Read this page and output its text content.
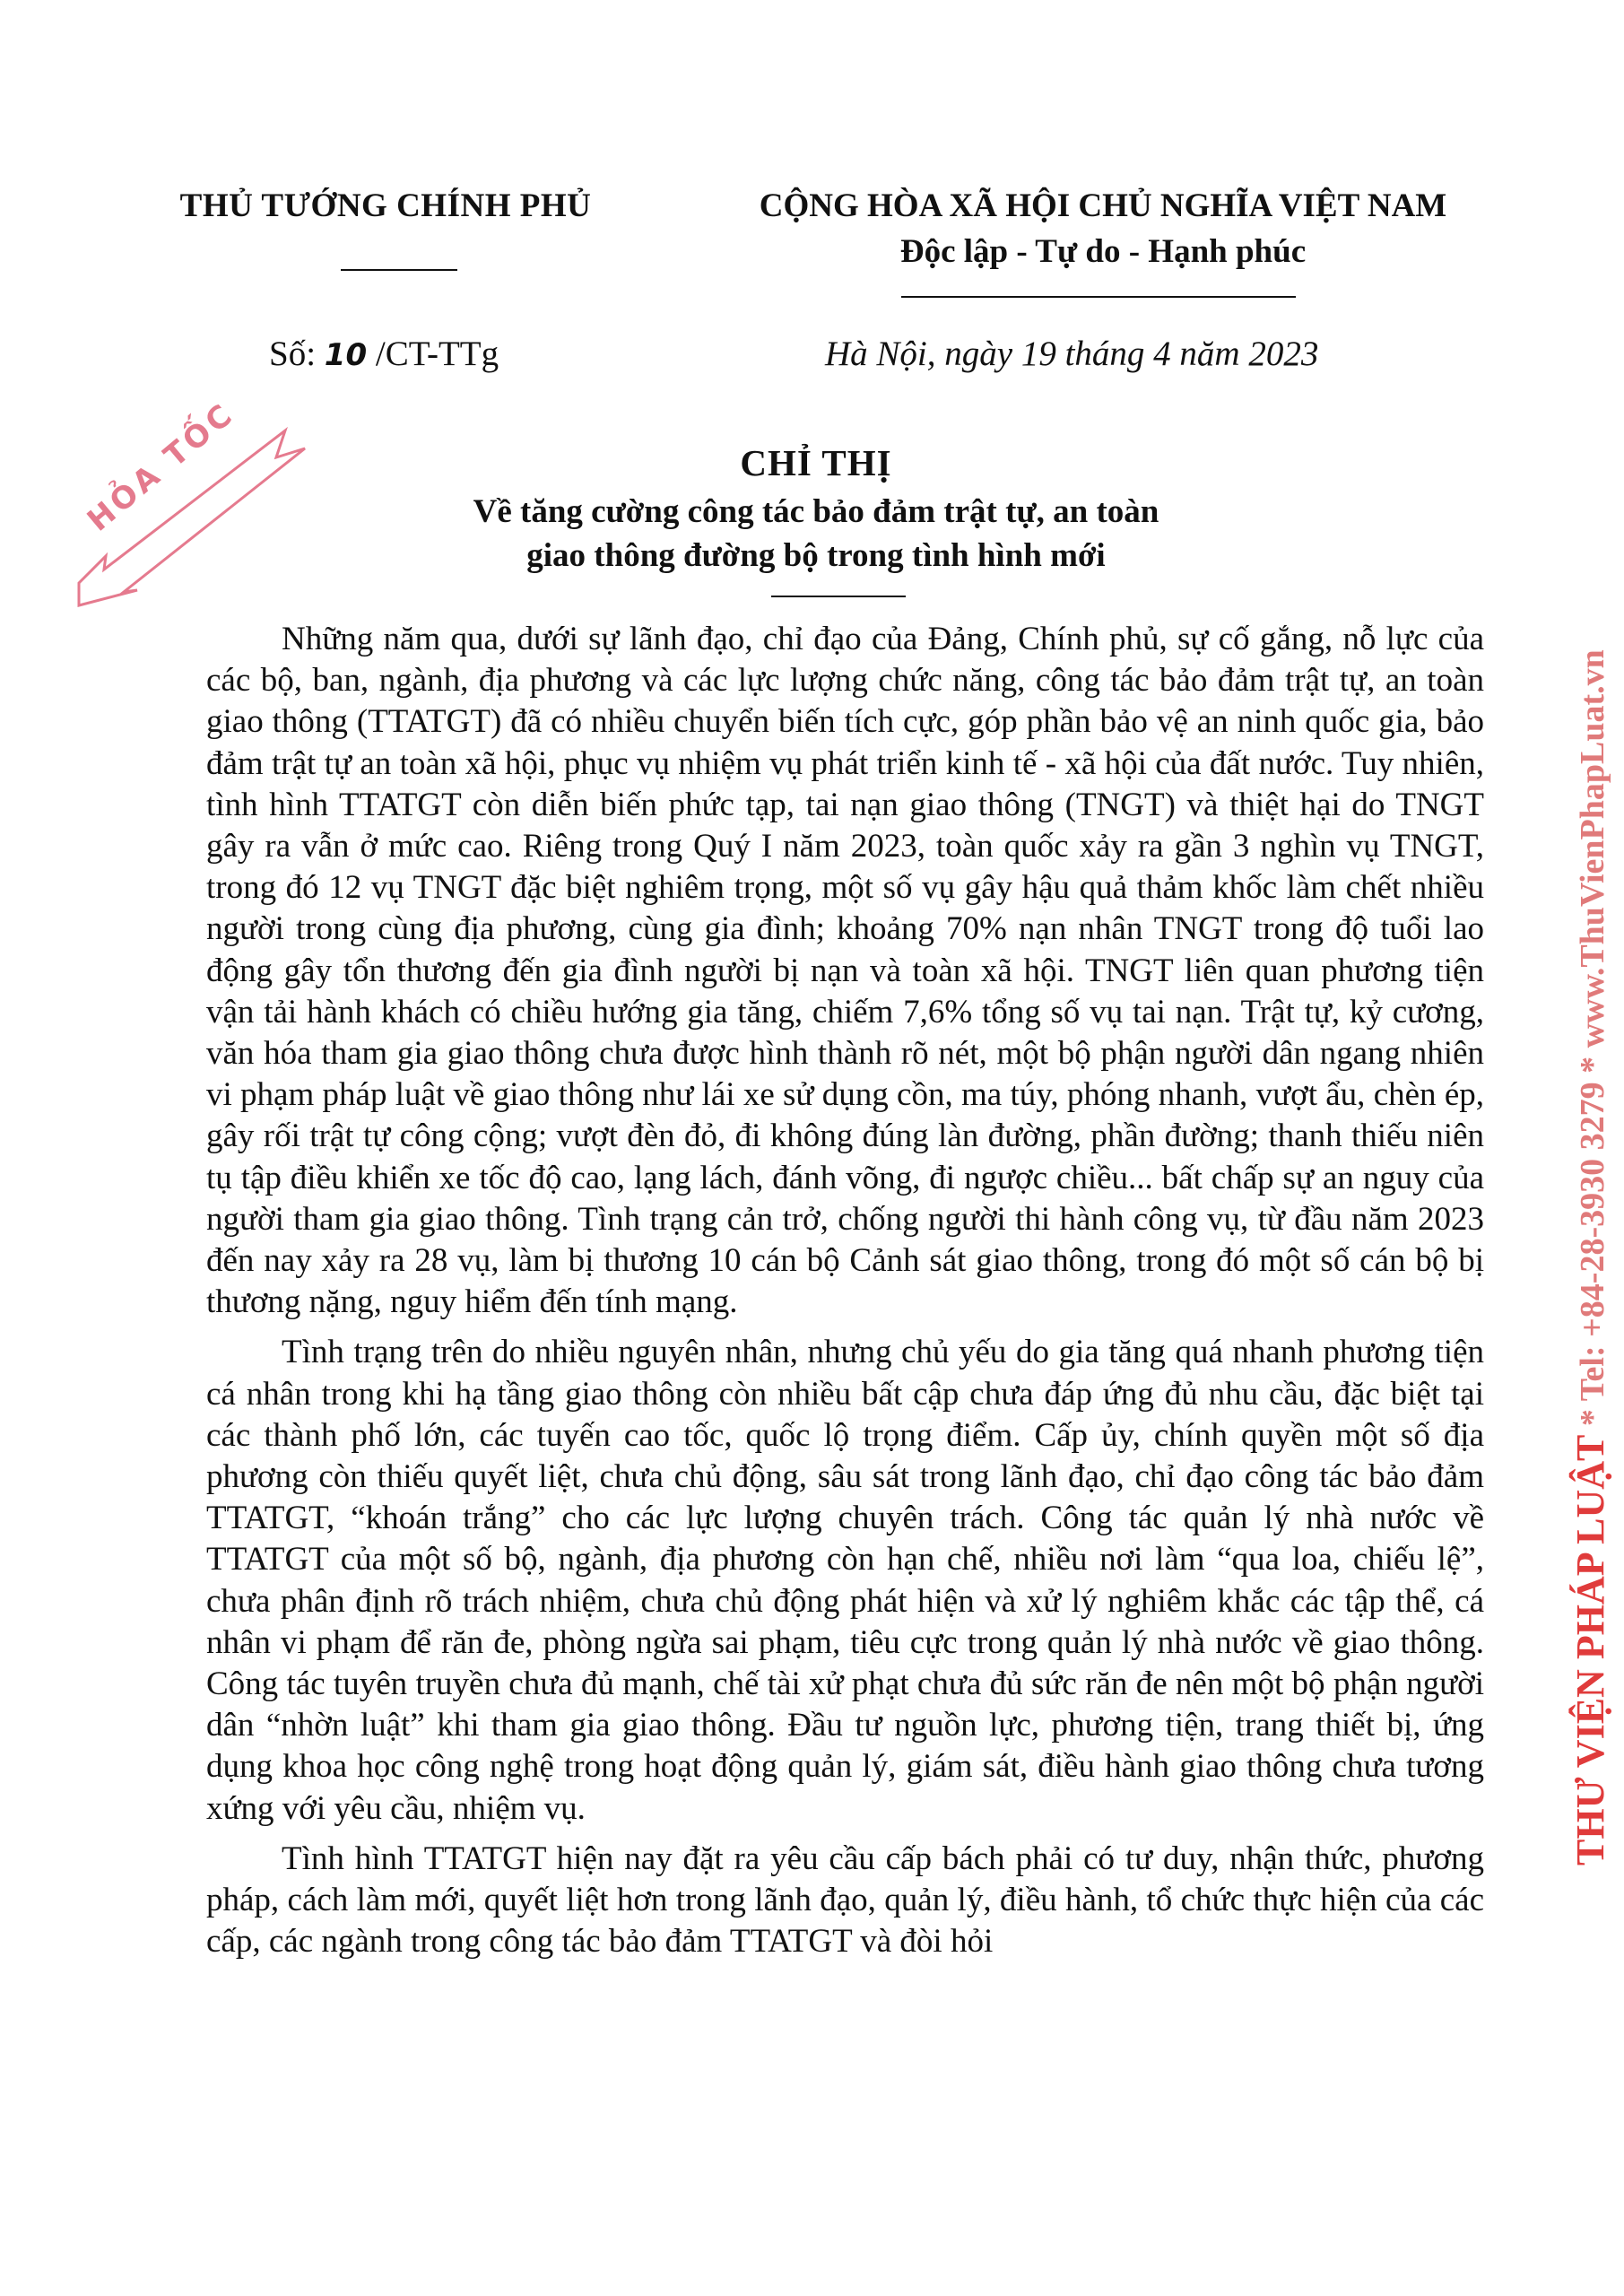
THỦ TƯỚNG CHÍNH PHỦ	CỘNG HÒA XÃ HỘI CHỦ NGHĨA VIỆT NAM
Độc lập - Tự do - Hạnh phúc
Số: 10 /CT-TTg	Hà Nội, ngày 19 tháng 4 năm 2023
HỎA TỐC	CHỈ THỊ
Về tăng cường công tác bảo đảm trật tự, an toàn
giao thông đường bộ trong tình hình mới

Những năm qua, dưới sự lãnh đạo, chỉ đạo của Đảng, Chính phủ, sự cố gắng, nỗ lực của các bộ, ban, ngành, địa phương và các lực lượng chức năng, công tác bảo đảm trật tự, an toàn giao thông (TTATGT) đã có nhiều chuyển biến tích cực, góp phần bảo vệ an ninh quốc gia, bảo đảm trật tự an toàn xã hội, phục vụ nhiệm vụ phát triển kinh tế - xã hội của đất nước. Tuy nhiên, tình hình TTATGT còn diễn biến phức tạp, tai nạn giao thông (TNGT) và thiệt hại do TNGT gây ra vẫn ở mức cao. Riêng trong Quý I năm 2023, toàn quốc xảy ra gần 3 nghìn vụ TNGT, trong đó 12 vụ TNGT đặc biệt nghiêm trọng, một số vụ gây hậu quả thảm khốc làm chết nhiều người trong cùng địa phương, cùng gia đình; khoảng 70% nạn nhân TNGT trong độ tuổi lao động gây tổn thương đến gia đình người bị nạn và toàn xã hội. TNGT liên quan phương tiện vận tải hành khách có chiều hướng gia tăng, chiếm 7,6% tổng số vụ tai nạn. Trật tự, kỷ cương, văn hóa tham gia giao thông chưa được hình thành rõ nét, một bộ phận người dân ngang nhiên vi phạm pháp luật về giao thông như lái xe sử dụng cồn, ma túy, phóng nhanh, vượt ẩu, chèn ép, gây rối trật tự công cộng; vượt đèn đỏ, đi không đúng làn đường, phần đường; thanh thiếu niên tụ tập điều khiển xe tốc độ cao, lạng lách, đánh võng, đi ngược chiều... bất chấp sự an nguy của người tham gia giao thông. Tình trạng cản trở, chống người thi hành công vụ, từ đầu năm 2023 đến nay xảy ra 28 vụ, làm bị thương 10 cán bộ Cảnh sát giao thông, trong đó một số cán bộ bị thương nặng, nguy hiểm đến tính mạng.

Tình trạng trên do nhiều nguyên nhân, nhưng chủ yếu do gia tăng quá nhanh phương tiện cá nhân trong khi hạ tầng giao thông còn nhiều bất cập chưa đáp ứng đủ nhu cầu, đặc biệt tại các thành phố lớn, các tuyến cao tốc, quốc lộ trọng điểm. Cấp ủy, chính quyền một số địa phương còn thiếu quyết liệt, chưa chủ động, sâu sát trong lãnh đạo, chỉ đạo công tác bảo đảm TTATGT, “khoán trắng” cho các lực lượng chuyên trách. Công tác quản lý nhà nước về TTATGT của một số bộ, ngành, địa phương còn hạn chế, nhiều nơi làm “qua loa, chiếu lệ”, chưa phân định rõ trách nhiệm, chưa chủ động phát hiện và xử lý nghiêm khắc các tập thể, cá nhân vi phạm để răn đe, phòng ngừa sai phạm, tiêu cực trong quản lý nhà nước về giao thông. Công tác tuyên truyền chưa đủ mạnh, chế tài xử phạt chưa đủ sức răn đe nên một bộ phận người dân “nhờn luật” khi tham gia giao thông. Đầu tư nguồn lực, phương tiện, trang thiết bị, ứng dụng khoa học công nghệ trong hoạt động quản lý, giám sát, điều hành giao thông chưa tương xứng với yêu cầu, nhiệm vụ.

Tình hình TTATGT hiện nay đặt ra yêu cầu cấp bách phải có tư duy, nhận thức, phương pháp, cách làm mới, quyết liệt hơn trong lãnh đạo, quản lý, điều hành, tổ chức thực hiện của các cấp, các ngành trong công tác bảo đảm TTATGT và đòi hỏi

THƯ VIỆN PHÁP LUẬT * Tel: +84-28-3930 3279 * www.ThuVienPhapLuat.vn
